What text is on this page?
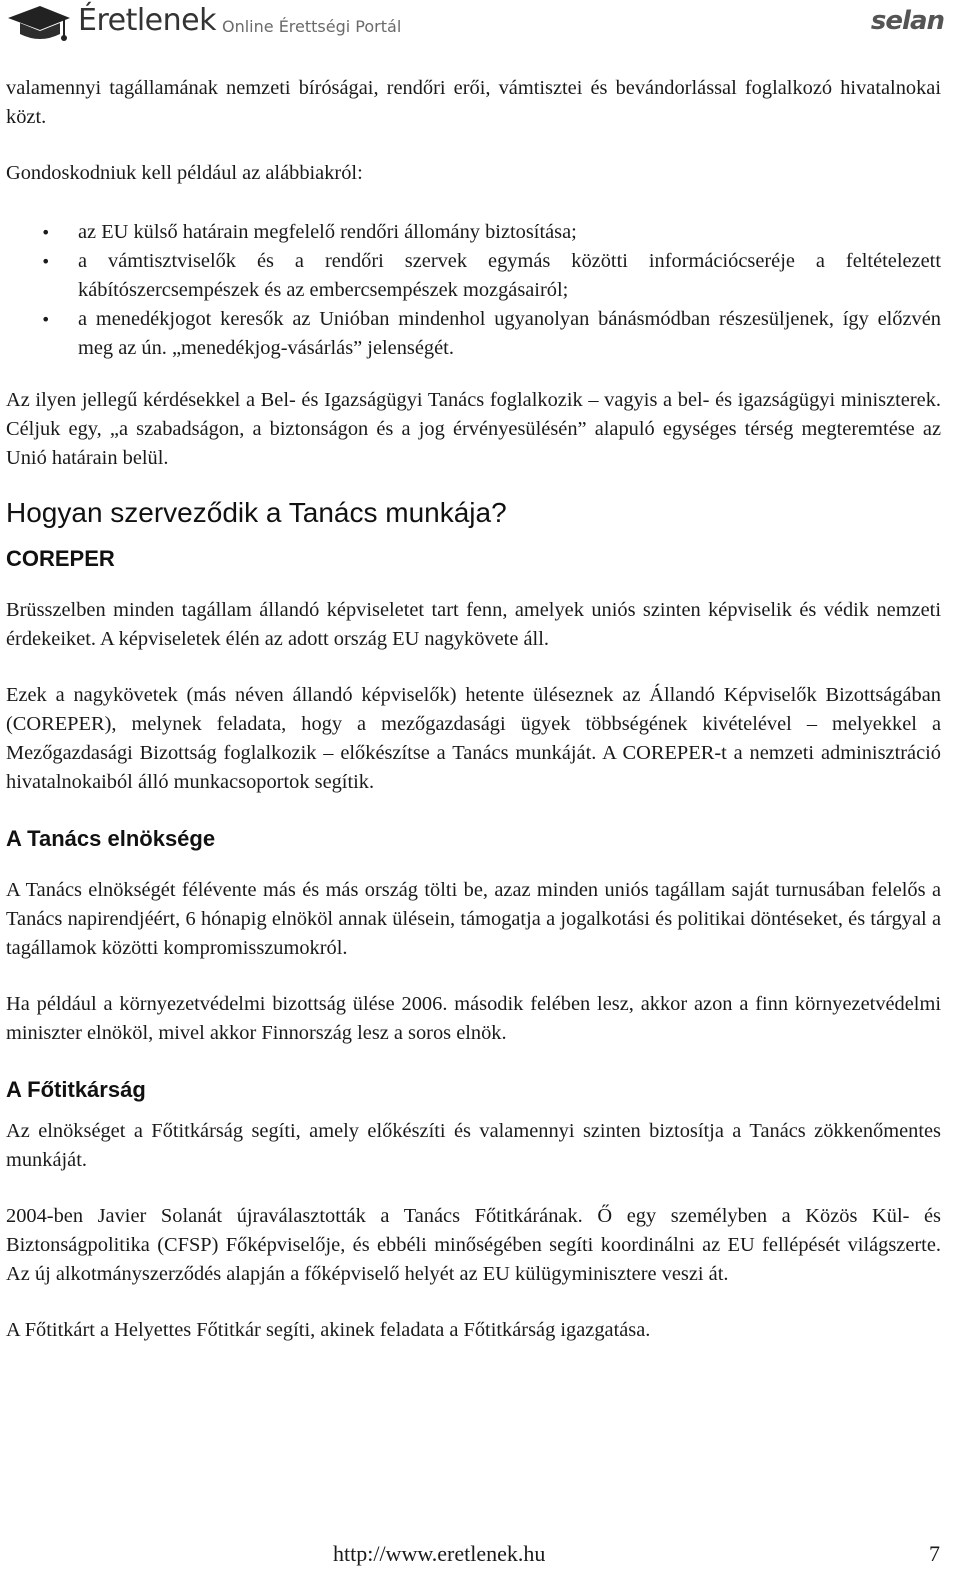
Éretlenek Online Érettségi Portál	selan

valamennyi tagállamának nemzeti bíróságai, rendőri erői, vámtisztei és bevándorlással foglalkozó hivatalnokai közt.

Gondoskodniuk kell például az alábbiakról:

• az EU külső határain megfelelő rendőri állomány biztosítása;
• a vámtisztviselők és a rendőri szervek egymás közötti információcseréje a feltételezett kábítószercsempészek és az embercsempészek mozgásairól;
• a menedékjogot keresők az Unióban mindenhol ugyanolyan bánásmódban részesüljenek, így előzvén meg az ún. „menedékjog-vásárlás” jelenségét.

Az ilyen jellegű kérdésekkel a Bel- és Igazságügyi Tanács foglalkozik – vagyis a bel- és igazságügyi miniszterek. Céljuk egy, „a szabadságon, a biztonságon és a jog érvényesülésén” alapuló egységes térség megteremtése az Unió határain belül.

Hogyan szerveződik a Tanács munkája?
COREPER

Brüsszelben minden tagállam állandó képviseletet tart fenn, amelyek uniós szinten képviselik és védik nemzeti érdekeiket. A képviseletek élén az adott ország EU nagykövete áll.

Ezek a nagykövetek (más néven állandó képviselők) hetente üléseznek az Állandó Képviselők Bizottságában (COREPER), melynek feladata, hogy a mezőgazdasági ügyek többségének kivételével – melyekkel a Mezőgazdasági Bizottság foglalkozik – előkészítse a Tanács munkáját. A COREPER-t a nemzeti adminisztráció hivatalnokaiból álló munkacsoportok segítik.

A Tanács elnöksége

A Tanács elnökségét félévente más és más ország tölti be, azaz minden uniós tagállam saját turnusában felelős a Tanács napirendjéért, 6 hónapig elnököl annak ülésein, támogatja a jogalkotási és politikai döntéseket, és tárgyal a tagállamok közötti kompromisszumokról.

Ha például a környezetvédelmi bizottság ülése 2006. második felében lesz, akkor azon a finn környezetvédelmi miniszter elnököl, mivel akkor Finnország lesz a soros elnök.

A Főtitkárság

Az elnökséget a Főtitkárság segíti, amely előkészíti és valamennyi szinten biztosítja a Tanács zökkenőmentes munkáját.

2004-ben Javier Solanát újraválasztották a Tanács Főtitkárának. Ő egy személyben a Közös Kül- és Biztonságpolitika (CFSP) Főképviselője, és ebbéli minőségében segíti koordinálni az EU fellépését világszerte. Az új alkotmányszerződés alapján a főképviselő helyét az EU külügyminisztere veszi át.

A Főtitkárt a Helyettes Főtitkár segíti, akinek feladata a Főtitkárság igazgatása.

http://www.eretlenek.hu	7
